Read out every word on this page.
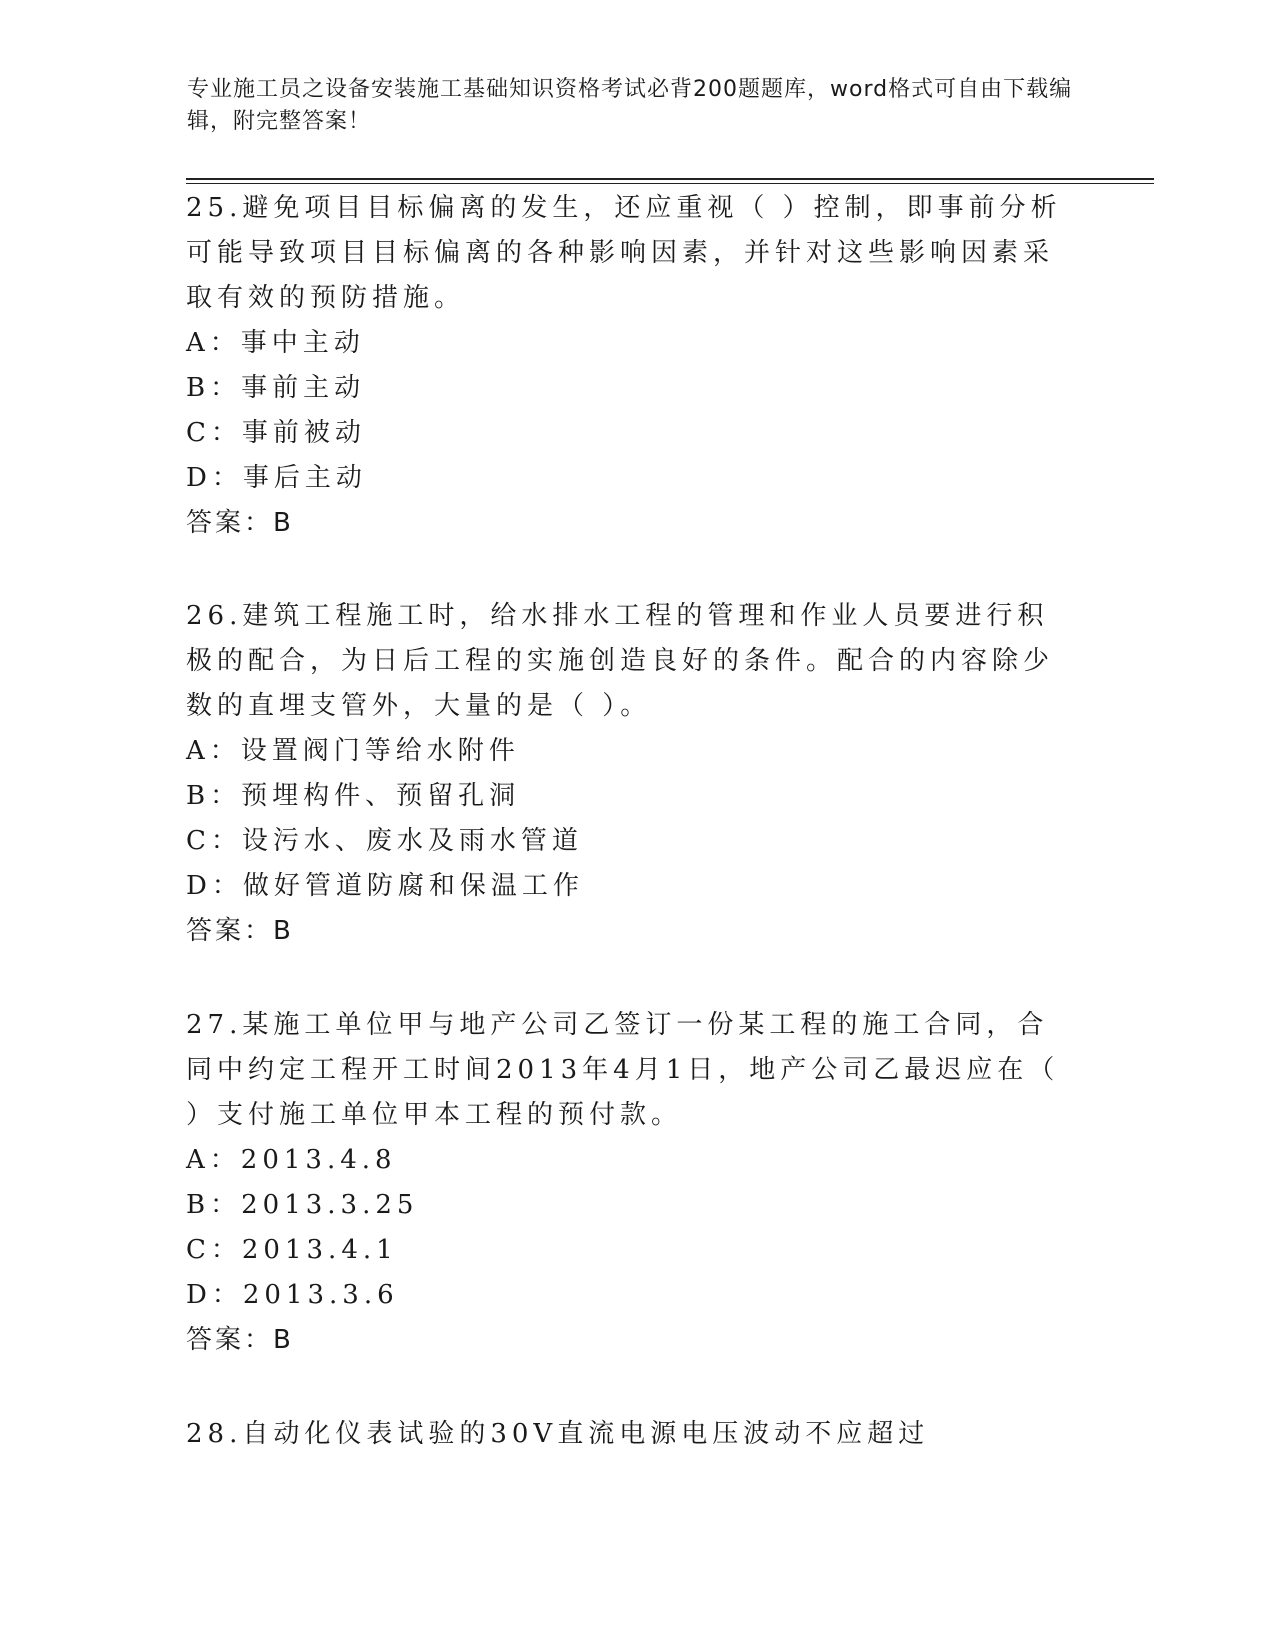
专业施工员之设备安装施工基础知识资格考试必背200题题库，word格式可自由下载编辑，附完整答案！

25.避免项目目标偏离的发生，还应重视（ ）控制，即事前分析可能导致项目目标偏离的各种影响因素，并针对这些影响因素采取有效的预防措施。

A：事中主动

B：事前主动

C：事前被动

D：事后主动

答案：B

26.建筑工程施工时，给水排水工程的管理和作业人员要进行积极的配合，为日后工程的实施创造良好的条件。配合的内容除少数的直埋支管外，大量的是（ ）。

A：设置阀门等给水附件

B：预埋构件、预留孔洞

C：设污水、废水及雨水管道

D：做好管道防腐和保温工作

答案：B

27.某施工单位甲与地产公司乙签订一份某工程的施工合同，合同中约定工程开工时间2013年4月1日，地产公司乙最迟应在（ ）支付施工单位甲本工程的预付款。

A：2013.4.8

B：2013.3.25

C：2013.4.1

D：2013.3.6

答案：B

28.自动化仪表试验的30V直流电源电压波动不应超过
